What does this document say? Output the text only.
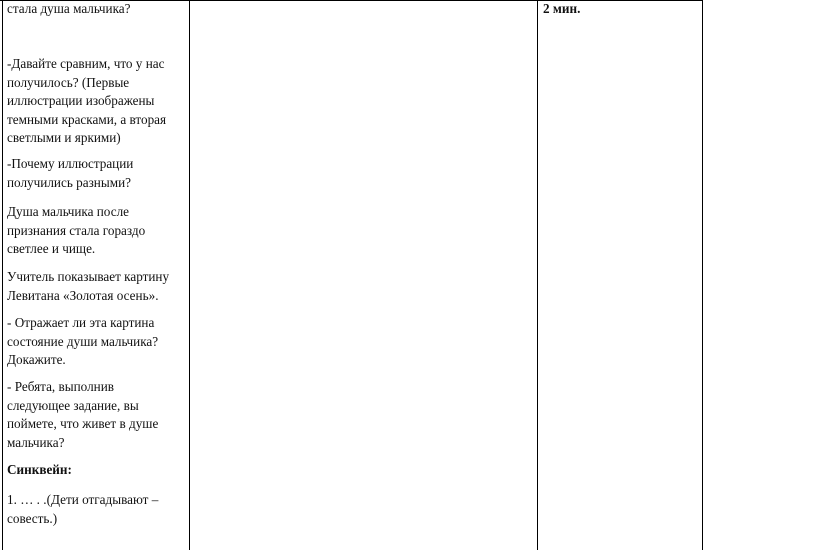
стала душа мальчика?

-Давайте сравним, что у нас
получилось? (Первые
иллюстрации изображены
темными красками, а вторая
светлыми и яркими)

-Почему иллюстрации
получились разными?

Душа мальчика после
признания стала гораздо
светлее и чище.

Учитель показывает картину
Левитана «Золотая осень».

- Отражает ли эта картина
состояние души мальчика?
Докажите.

- Ребята, выполнив
следующее задание, вы
поймете, что живет в душе
мальчика?

Синквейн:

1. … . .(Дети отгадывают –
совесть.)

2 мин.
